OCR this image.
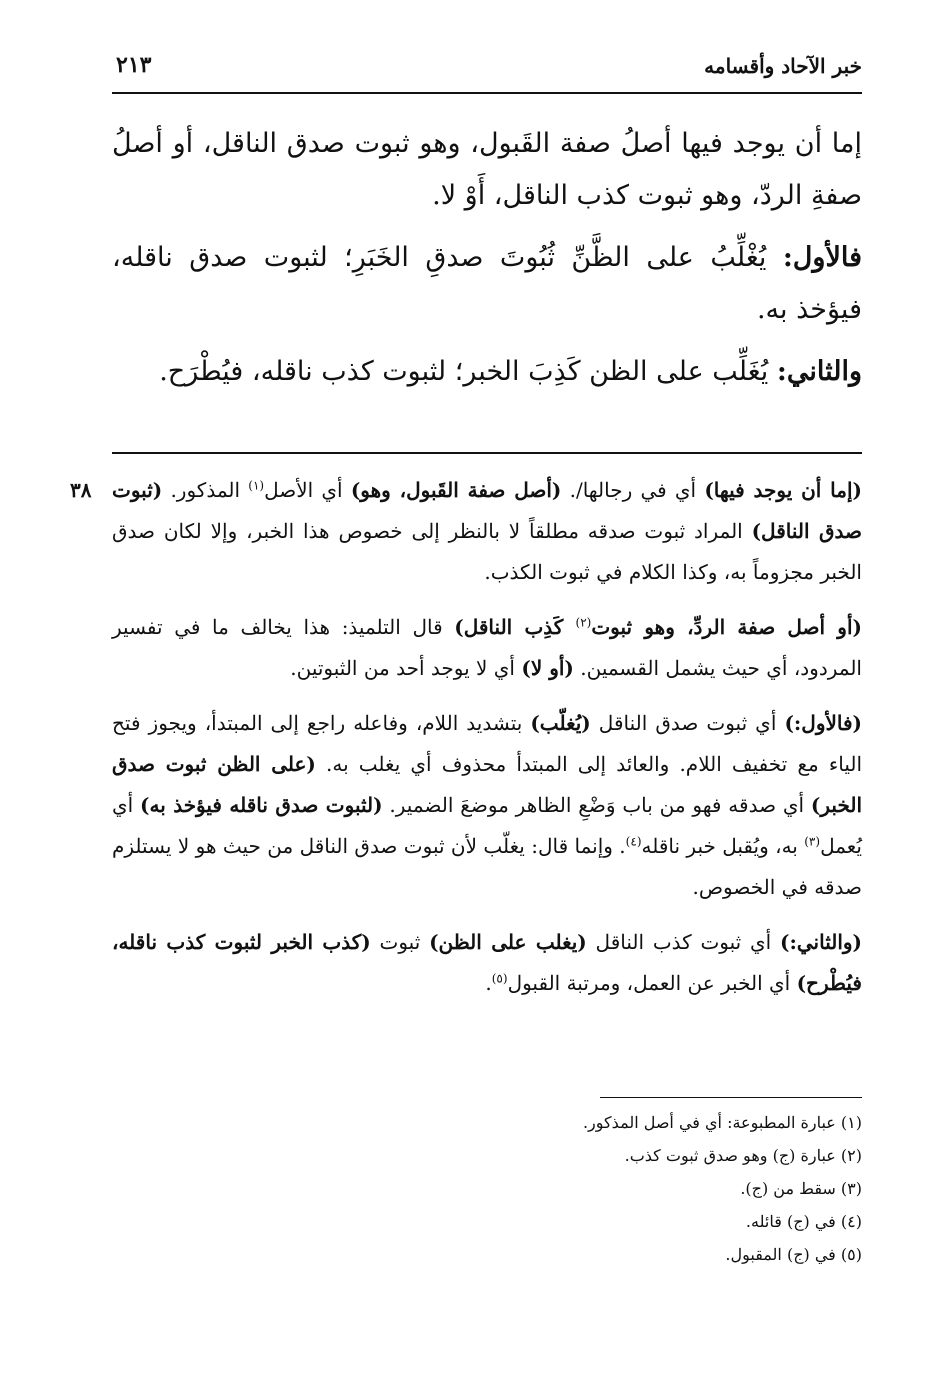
خبر الآحاد وأقسامه
٢١٣

إما أن يوجد فيها أصلُ صفة القَبول، وهو ثبوت صدق الناقل، أو أصلُ صفةِ الردّ، وهو ثبوت كذب الناقل، أَوْ لا.

فالأول: يُغْلِّبُ على الظَّنِّ ثُبُوتَ صدقِ الخَبَرِ؛ لثبوت صدق ناقله، فيؤخذ به.

والثاني: يُغَلِّب على الظن كَذِبَ الخبر؛ لثبوت كذب ناقله، فيُطْرَح.

٣٨	(إما أن يوجد فيها) أي في رجالها/. (أصل صفة القَبول، وهو) أي الأصل$^{(١)}$ المذكور. (ثبوت صدق الناقل) المراد ثبوت صدقه مطلقاً لا بالنظر إلى خصوص هذا الخبر، وإلا لكان صدق الخبر مجزوماً به، وكذا الكلام في ثبوت الكذب.

(أو أصل صفة الردِّ، وهو ثبوت$^{(٢)}$ كَذِب الناقل) قال التلميذ: هذا يخالف ما في تفسير المردود، أي حيث يشمل القسمين. (أو لا) أي لا يوجد أحد من الثبوتين.

(فالأول:) أي ثبوت صدق الناقل (يُغلّب) بتشديد اللام، وفاعله راجع إلى المبتدأ، ويجوز فتح الياء مع تخفيف اللام. والعائد إلى المبتدأ محذوف أي يغلب به. (على الظن ثبوت صدق الخبر) أي صدقه فهو من باب وَضْعِ الظاهر موضعَ الضمير. (لثبوت صدق ناقله فيؤخذ به) أي يُعمل$^{(٣)}$ به، ويُقبل خبر ناقله$^{(٤)}$. وإنما قال: يغلّب لأن ثبوت صدق الناقل من حيث هو لا يستلزم صدقه في الخصوص.

(والثاني:) أي ثبوت كذب الناقل (يغلب على الظن) ثبوت (كذب الخبر لثبوت كذب ناقله، فيُطْرح) أي الخبر عن العمل، ومرتبة القبول$^{(٥)}$.

(١) عبارة المطبوعة: أي في أصل المذكور.
(٢) عبارة (ج) وهو صدق ثبوت كذب.
(٣) سقط من (ج).
(٤) في (ج) قائله.
(٥) في (ج) المقبول.
